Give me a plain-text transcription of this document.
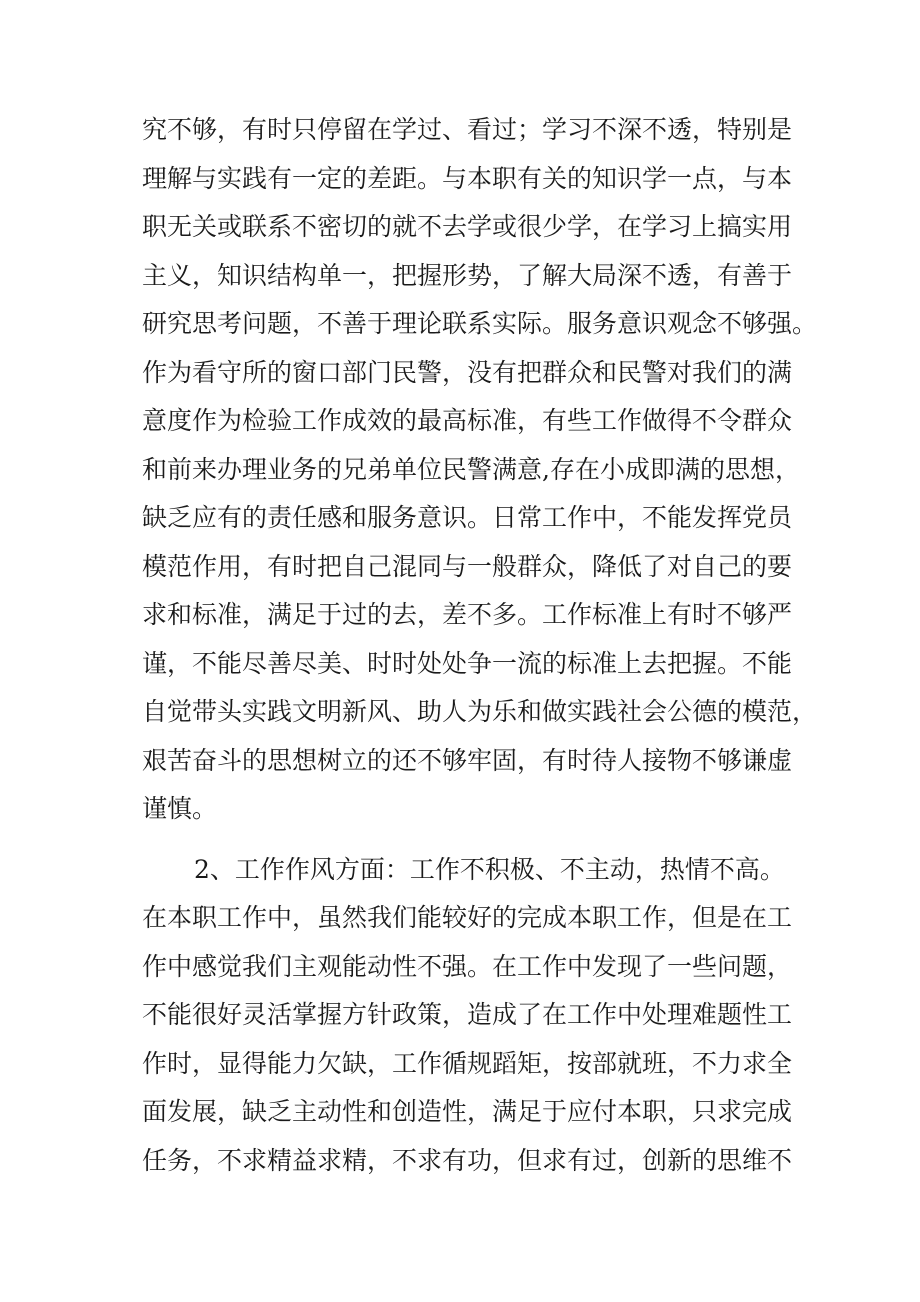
究不够，有时只停留在学过、看过；学习不深不透，特别是
理解与实践有一定的差距。与本职有关的知识学一点，与本
职无关或联系不密切的就不去学或很少学，在学习上搞实用
主义，知识结构单一，把握形势，了解大局深不透，有善于
研究思考问题，不善于理论联系实际。服务意识观念不够强。
作为看守所的窗口部门民警，没有把群众和民警对我们的满
意度作为检验工作成效的最高标准，有些工作做得不令群众
和前来办理业务的兄弟单位民警满意,存在小成即满的思想，
缺乏应有的责任感和服务意识。日常工作中，不能发挥党员
模范作用，有时把自己混同与一般群众，降低了对自己的要
求和标准，满足于过的去，差不多。工作标准上有时不够严
谨，不能尽善尽美、时时处处争一流的标准上去把握。不能
自觉带头实践文明新风、助人为乐和做实践社会公德的模范，
艰苦奋斗的思想树立的还不够牢固，有时待人接物不够谦虚
谨慎。
2、工作作风方面：工作不积极、不主动，热情不高。
在本职工作中，虽然我们能较好的完成本职工作，但是在工
作中感觉我们主观能动性不强。在工作中发现了一些问题，
不能很好灵活掌握方针政策，造成了在工作中处理难题性工
作时，显得能力欠缺，工作循规蹈矩，按部就班，不力求全
面发展，缺乏主动性和创造性，满足于应付本职，只求完成
任务，不求精益求精，不求有功，但求有过，创新的思维不
